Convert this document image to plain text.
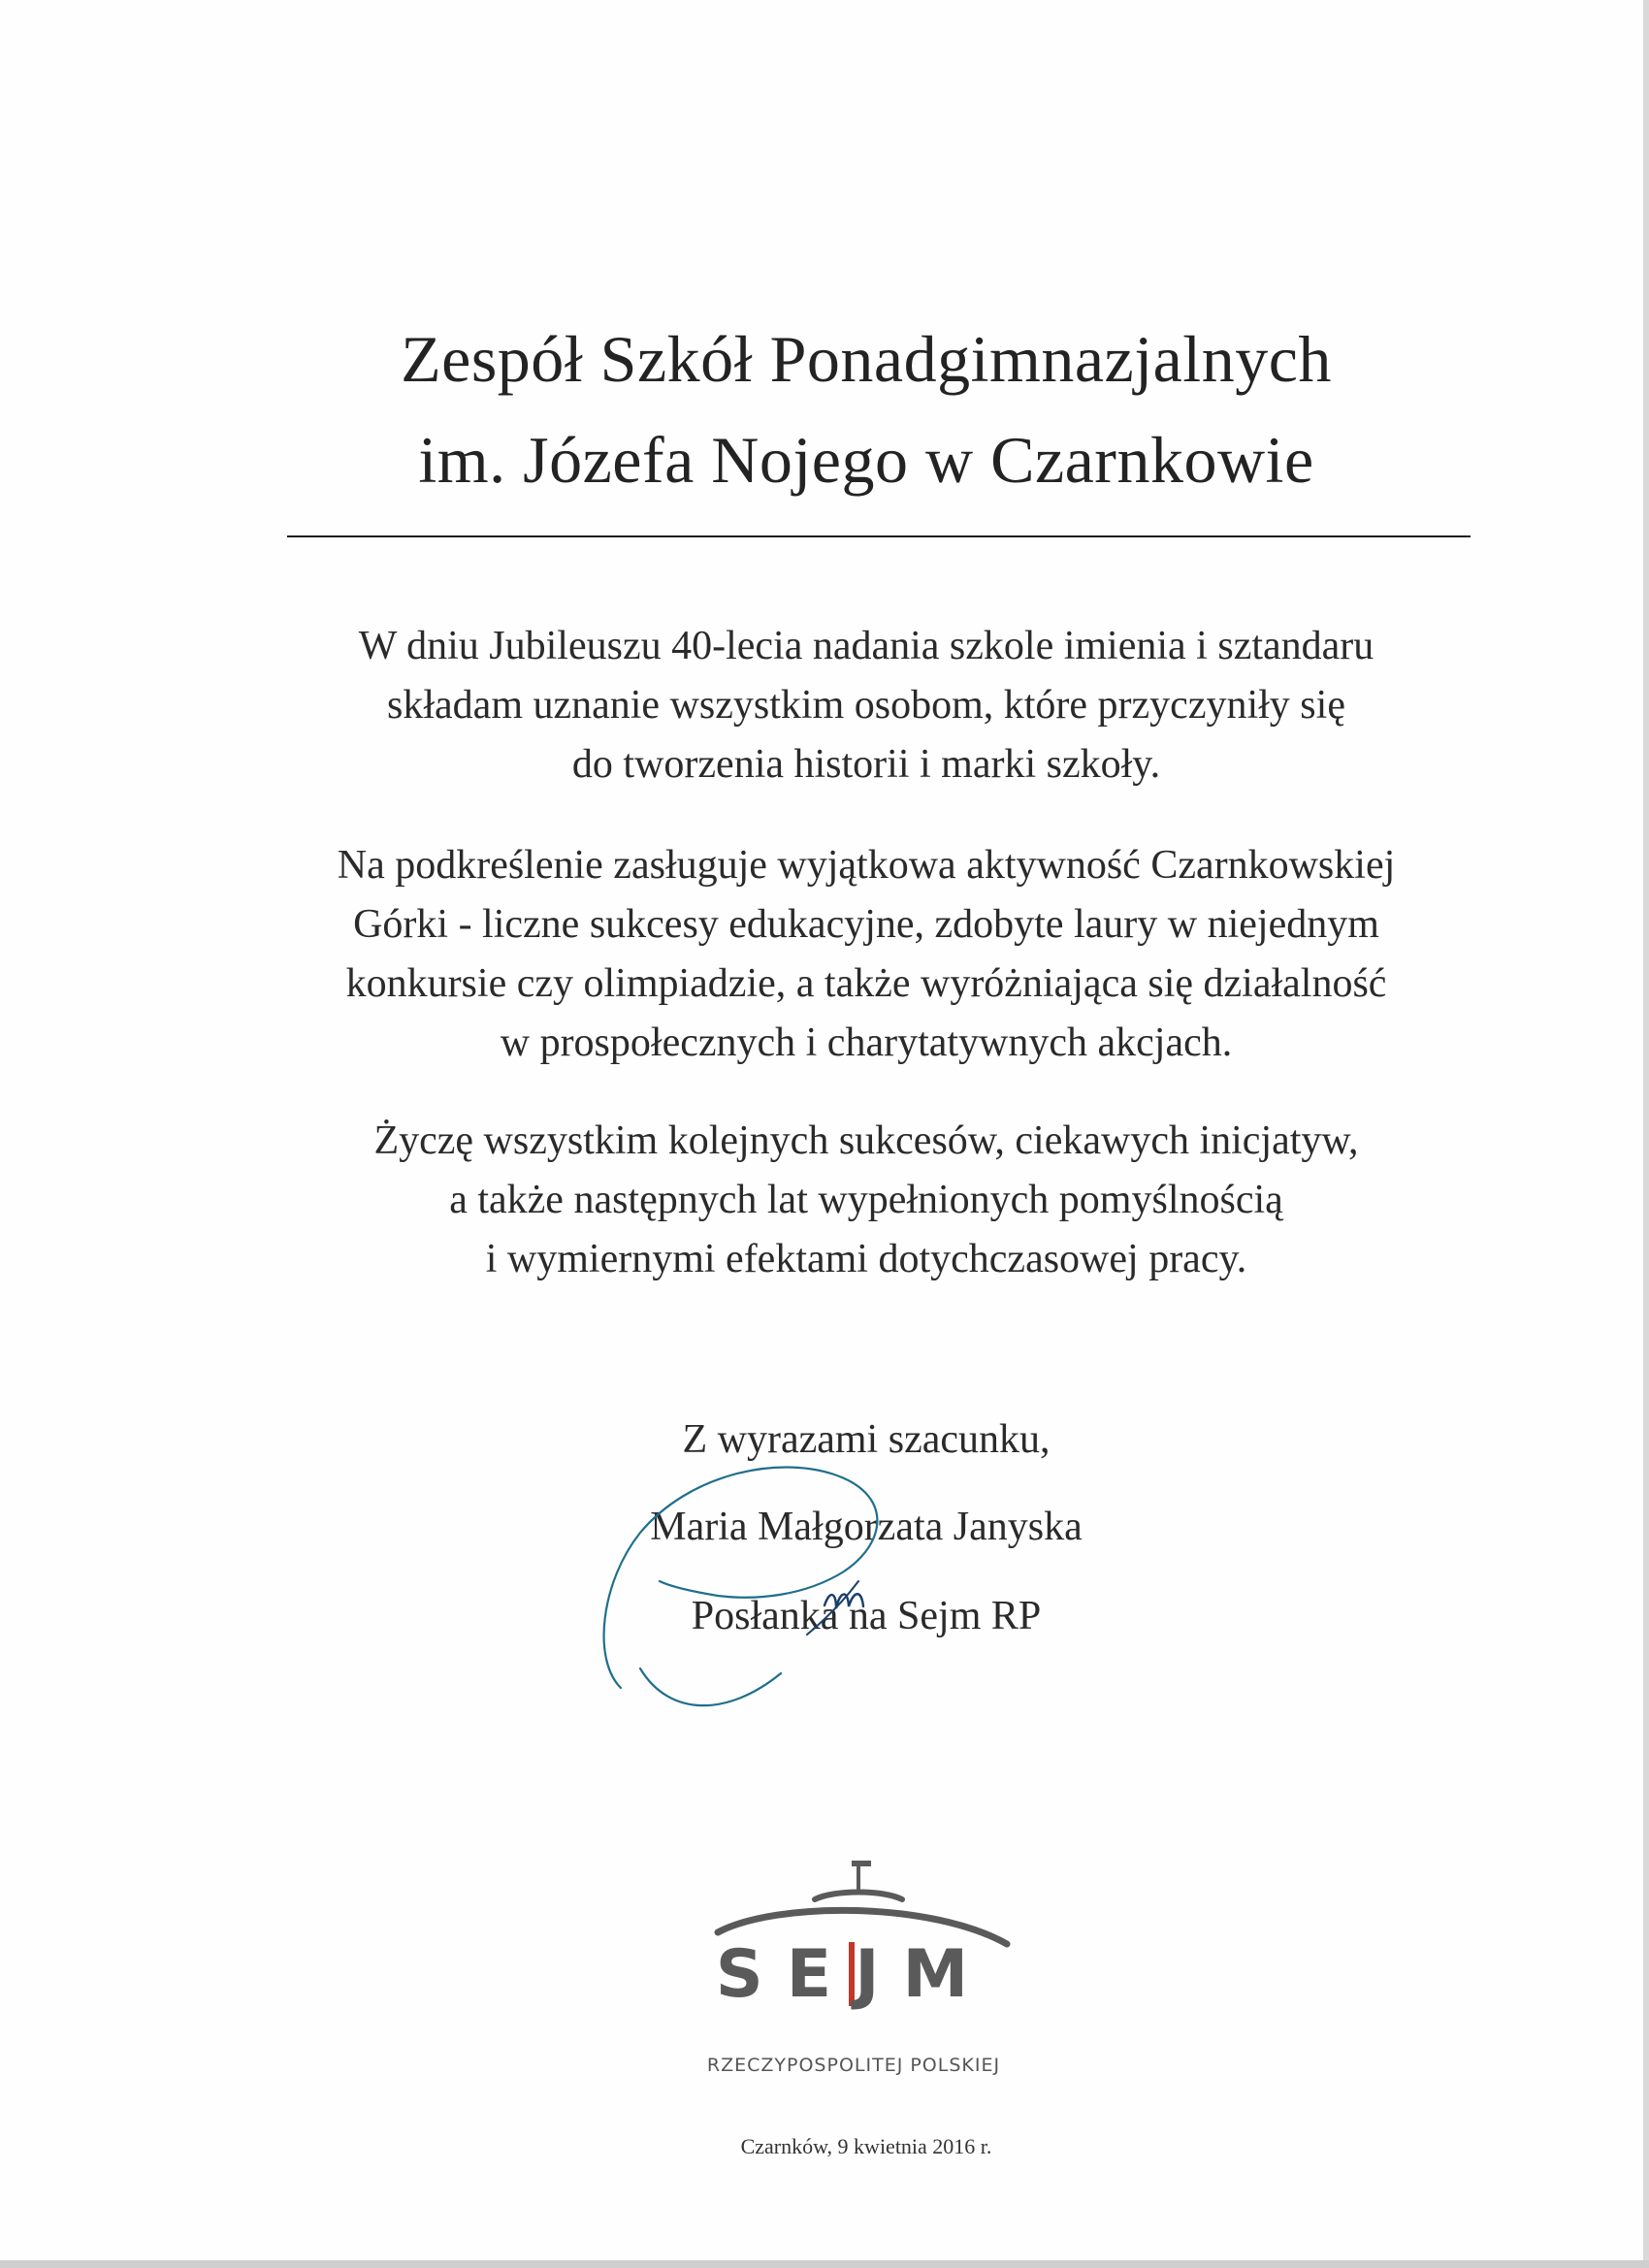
Zespół Szkół Ponadgimnazjalnych
im. Józefa Nojego w Czarnkowie
W dniu Jubileuszu 40-lecia nadania szkole imienia i sztandaru
składam uznanie wszystkim osobom, które przyczyniły się
do tworzenia historii i marki szkoły.
Na podkreślenie zasługuje wyjątkowa aktywność Czarnkowskiej
Górki - liczne sukcesy edukacyjne, zdobyte laury w niejednym
konkursie czy olimpiadzie, a także wyróżniająca się działalność
w prospołecznych i charytatywnych akcjach.
Życzę wszystkim kolejnych sukcesów, ciekawych inicjatyw,
a także następnych lat wypełnionych pomyślnością
i wymiernymi efektami dotychczasowej pracy.
Z wyrazami szacunku,
Maria Małgorzata Janyska
Posłanka na Sejm RP
SEJM
RZECZYPOSPOLITEJ POLSKIEJ
Czarnków, 9 kwietnia 2016 r.
